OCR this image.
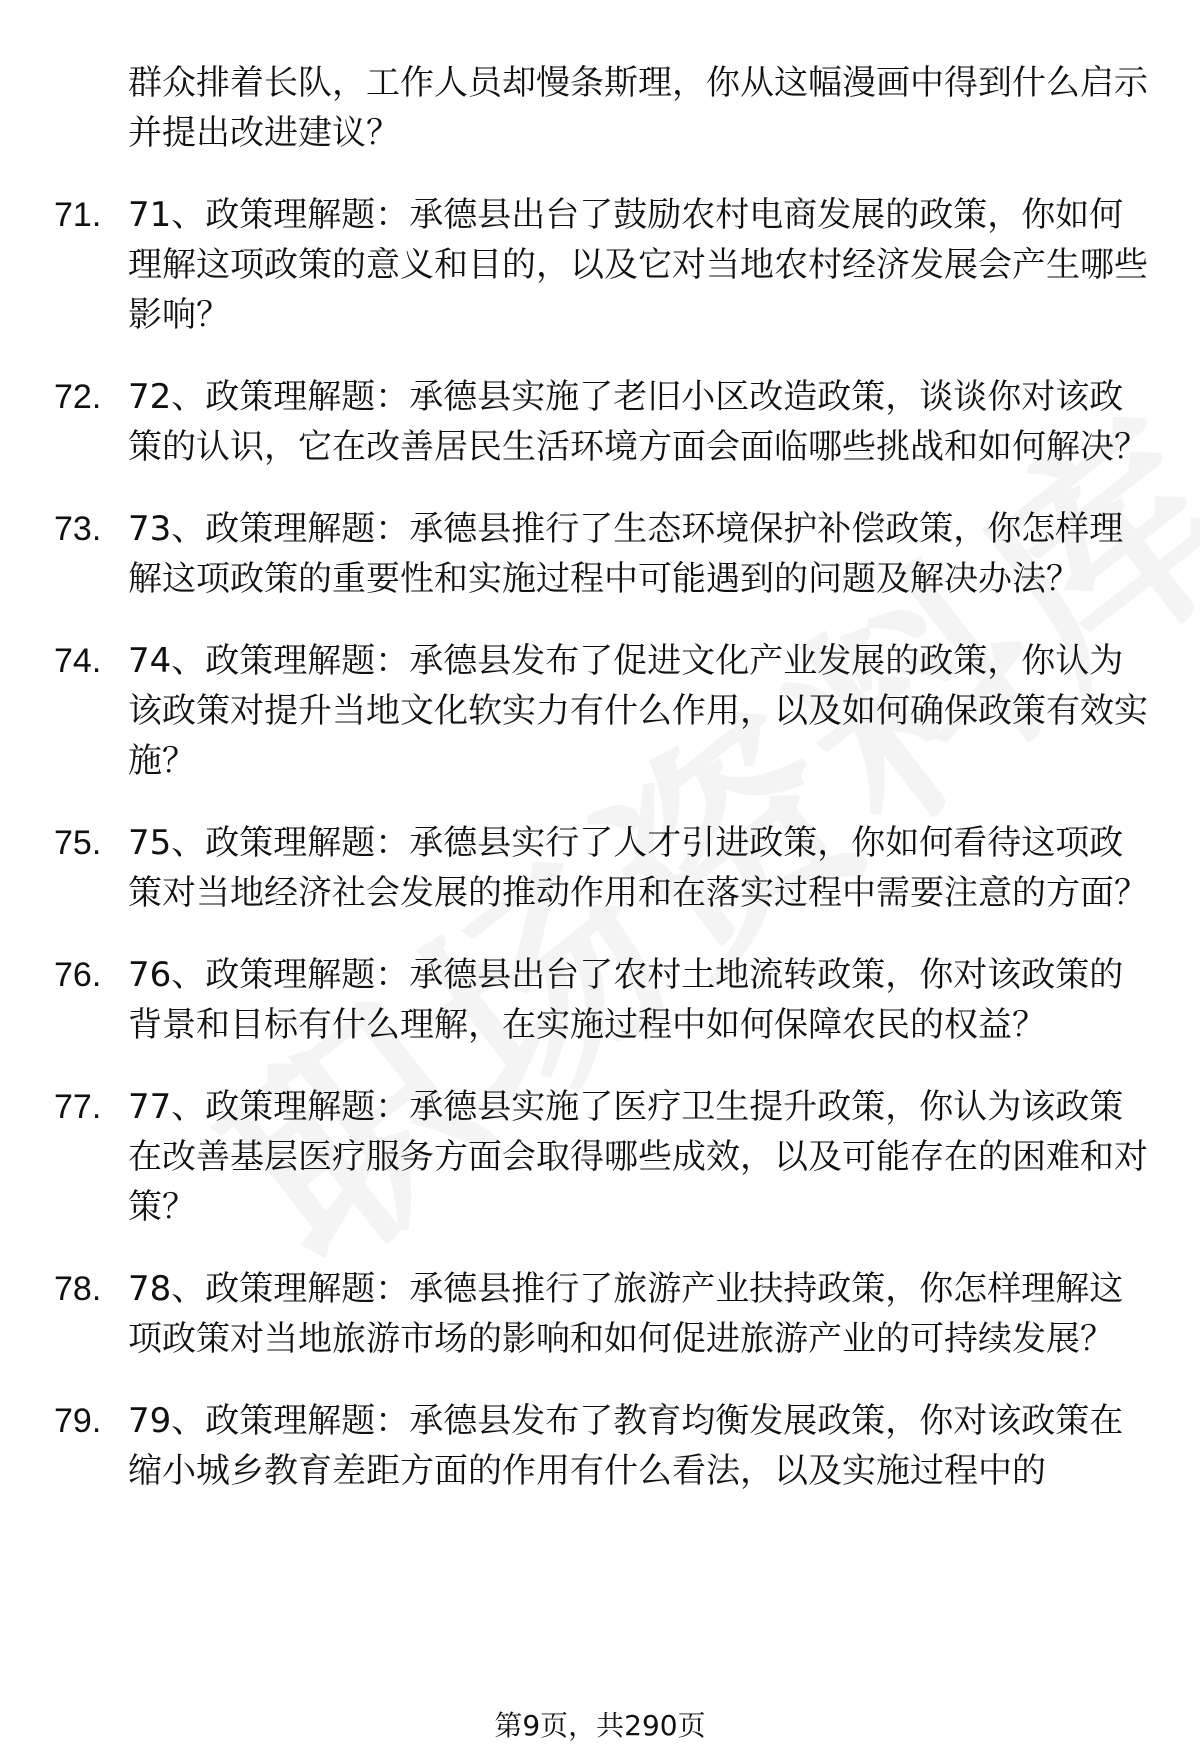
群众排着长队，工作人员却慢条斯理，你从这幅漫画中得到什么启示并提出改进建议？
71. 71、政策理解题：承德县出台了鼓励农村电商发展的政策，你如何理解这项政策的意义和目的，以及它对当地农村经济发展会产生哪些影响？
72. 72、政策理解题：承德县实施了老旧小区改造政策，谈谈你对该政策的认识，它在改善居民生活环境方面会面临哪些挑战和如何解决？
73. 73、政策理解题：承德县推行了生态环境保护补偿政策，你怎样理解这项政策的重要性和实施过程中可能遇到的问题及解决办法？
74. 74、政策理解题：承德县发布了促进文化产业发展的政策，你认为该政策对提升当地文化软实力有什么作用，以及如何确保政策有效实施？
75. 75、政策理解题：承德县实行了人才引进政策，你如何看待这项政策对当地经济社会发展的推动作用和在落实过程中需要注意的方面？
76. 76、政策理解题：承德县出台了农村土地流转政策，你对该政策的背景和目标有什么理解，在实施过程中如何保障农民的权益？
77. 77、政策理解题：承德县实施了医疗卫生提升政策，你认为该政策在改善基层医疗服务方面会取得哪些成效，以及可能存在的困难和对策？
78. 78、政策理解题：承德县推行了旅游产业扶持政策，你怎样理解这项政策对当地旅游市场的影响和如何促进旅游产业的可持续发展？
79. 79、政策理解题：承德县发布了教育均衡发展政策，你对该政策在缩小城乡教育差距方面的作用有什么看法，以及实施过程中的
第9页，共290页
